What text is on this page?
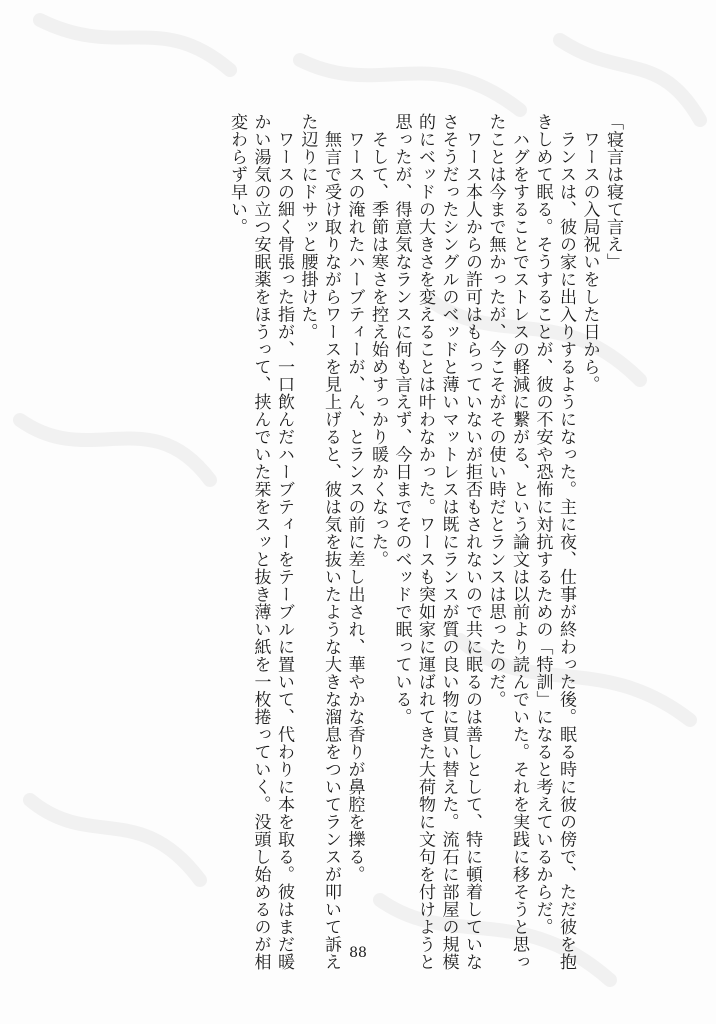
「寝言は寝て言え」
　ワースの入局祝いをした日から。
　ランスは、彼の家に出入りするようになった。主に夜、仕事が終わった後。眠る時に彼の傍で、ただ彼を抱
きしめて眠る。そうすることが、彼の不安や恐怖に対抗するための「特訓」になると考えているからだ。
　ハグをすることでストレスの軽減に繋がる、という論文は以前より読んでいた。それを実践に移そうと思っ
たことは今まで無かったが、今こそがその使い時だとランスは思ったのだ。
　ワース本人からの許可はもらっていないが拒否もされないので共に眠るのは善しとして、特に頓着していな
さそうだったシングルのベッドと薄いマットレスは既にランスが質の良い物に買い替えた。流石に部屋の規模
的にベッドの大きさを変えることは叶わなかった。ワースも突如家に運ばれてきた大荷物に文句を付けようと
思ったが、得意気なランスに何も言えず、今日までそのベッドで眠っている。
　そして、季節は寒さを控え始めすっかり暖かくなった。
　ワースの淹れたハーブティーが、ん、とランスの前に差し出され、華やかな香りが鼻腔を擽る。
　無言で受け取りながらワースを見上げると、彼は気を抜いたような大きな溜息をついてランスが叩いて訴え
た辺りにドサッと腰掛けた。
　ワースの細く骨張った指が、一口飲んだハーブティーをテーブルに置いて、代わりに本を取る。彼はまだ暖
かい湯気の立つ安眠薬をほうって、挟んでいた栞をスッと抜き薄い紙を一枚捲っていく。没頭し始めるのが相
変わらず早い。
88
